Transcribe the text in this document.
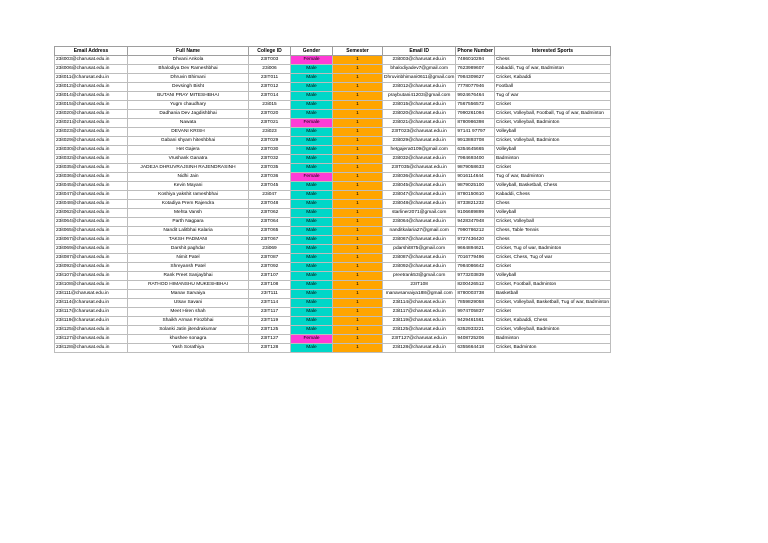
Email Address	Full Name	College ID	Gender	Semester	Email ID	Phone Number	Interested Sports
23it003@charusat.edu.in	Dhvani Ankola	23IT003	Female	1	23it003@charusat.edu.in	7486010294	Chess
23it006@charusat.edu.in	Bhalodiya Dev Rameshbhai	23i006	Male	1	bhalodiyadev7@gmail.com	7623989607	Kabaddi, Tug of war, Badminton
23it011@charusat.edu.in	Dhruvin Bhimani	23IT011	Male	1	Dhruvinbhimani0611@gmail.com	7984309627	Cricket, Kabaddi
23it012@charusat.edu.in	Devsingh Bisht	23IT012	Male	1	23it012@charusat.edu.in	7778077946	Football
23it014@charusat.edu.in	BUTANI PRAY MITESHBHAI	23IT014	Male	1	praybutani41203@gmail.com	9924676464	Tug of war
23it015@charusat.edu.in	Yugm chaudhary	23i015	Male	1	23it015@charusat.edu.in	7567556572	Cricket
23it020@charusat.edu.in	Dadhania Dev Jagdishbhai	23IT020	Male	1	23it020@charusat.edu.in	7990261094	Cricket, Volleyball, Football, Tug of war, Badminton
23it021@charusat.edu.in	Nawata	23IT021	Female	1	23it021@charusat.edu.in	8780986398	Cricket, Volleyball, Badminton
23it023@charusat.edu.in	DEVANI KRISH	23i023	Male	1	23IT023@charusat.edu.in	97141 97797	Volleyball
23it029@charusat.edu.in	Gabani shyam hiteshbhai	23IT029	Male	1	23it029@charusat.edu.in	9913893708	Cricket, Volleyball, Badminton
23it030@charusat.edu.in	Het Gajera	23IT030	Male	1	hetgajera0109@gmail.com	6354645665	Volleyball
23it032@charusat.edu.in	Vrushank Ganatra	23IT032	Male	1	23it032@charusat.edu.in	7984693400	Badminton
23it035@charusat.edu.in	JADEJA DHRUVRAJSINH RAJENDRASINH	23IT035	Male	1	23IT035@charusat.edu.in	9879058633	Cricket
23it036@charusat.edu.in	Nidhi Jain	23IT036	Female	1	23it036@charusat.edu.in	9016114644	Tug of war, Badminton
23it045@charusat.edu.in	Kevin Mayani	23IT045	Male	1	23it045@charusat.edu.in	9879025100	Volleyball, Basketball, Chess
23it047@charusat.edu.in	Koshiya yakshit rameshbhai	23i047	Male	1	23it047@charusat.edu.in	8780150610	Kabaddi, Chess
23it048@charusat.edu.in	Kotadiya Prem Rajendra	23IT048	Male	1	23it048@charusat.edu.in	8733821232	Chess
23it062@charusat.edu.in	Mehta Vansh	23IT062	Male	1	starliner2071@gmail.com	9106689899	Volleyball
23it064@charusat.edu.in	Parth Nagpara	23IT064	Male	1	23it064@charusat.edu.in	9428347948	Cricket, Volleyball
23it065@charusat.edu.in	Nandit Lalitbhai Kalaria	23IT065	Male	1	nanditkalaria27@gmail.com	7990786212	Chess, Table Tennis
23it067@charusat.edu.in	TAKSH PADMANI	23IT067	Male	1	23it067@charusat.edu.in	9727436420	Chess
23it069@charusat.edu.in	Darshit paghdar	23i069	Male	1	pdarshit875@gmail.com	9664894621	Cricket, Tug of war, Badminton
23it087@charusat.edu.in	Nimit Patel	23IT087	Male	1	23it087@charusat.edu.in	7016779496	Cricket, Chess, Tug of war
23it092@charusat.edu.in	Shreyansh Patel	23IT092	Male	1	23it092@charusat.edu.in	7984086642	Cricket
23it107@charusat.edu.in	Rank Preet Sanjaybhai	23IT107	Male	1	preetrank53@gmail.com	9773203839	Volleyball
23it108@charusat.edu.in	RATHOD HIMANSHU MUKESHBHAI	23IT108	Male	1	23IT108	8200426512	Cricket, Football, Badminton
23it111@charusat.edu.in	Manav Sarvaiya	23IT111	Male	1	manavsarvaiya188@gmail.com	8780003738	Basketball
23it114@charusat.edu.in	Utsav Savani	23IT114	Male	1	23it114@charusat.edu.in	7859829058	Cricket, Volleyball, Basketball, Tug of war, Badminton
23it117@charusat.edu.in	Meet Hiren shah	23IT117	Male	1	23it117@charusat.edu.in	9974705837	Cricket
23it119@charusat.edu.in	Shaikh Arman Firozbhai	23IT119	Male	1	23it119@charusat.edu.in	9429461561	Cricket, Kabaddi, Chess
23it125@charusat.edu.in	Solanki Jatin jitendrakumar	23IT125	Male	1	23it125@charusat.edu.in	6352933221	Cricket, Volleyball, Badminton
23it127@charusat.edu.in	khushee sonagra	23IT127	Female	1	23IT127@charusat.edu.in	9408725206	Badminton
23it128@charusat.edu.in	Yash Sorathiya	23IT128	Male	1	23it128@charusat.edu.in	6355664418	Cricket, Badminton
